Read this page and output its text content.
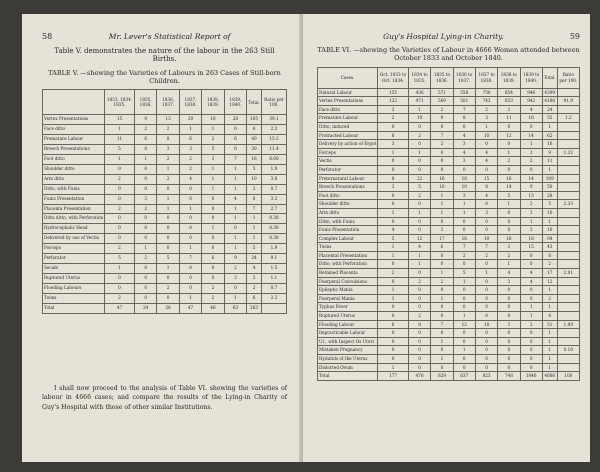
58	Mr. Lever's Statistical Report of
Table V. demonstrates the nature of the labour in the 263 Still Births.
TABLE V. —shewing the Varieties of Labours in 263 Cases of Still-born Children.
	1833, 1834, 1835.	1835, 1836.	1836, 1837.	1837, 1838.	1838, 1839.	1839, 1840.	Total.	Ratio per 100.
Vertex Presentations	15	9	13	20	18	28	105	39.1
Face ditto	1	2	2	1	1	0	6	2.2
Premature Labour	11	6	8	6	2	6	40	15.2
Breech Presentations	5	8	3	3	5	6	30	11.4
Foot ditto	1	1	2	2	3	7	16	6.08
Shoulder ditto	0	0	1	2	1	1	5	1.9
Arm ditto	2	0	2	4	1	1	10	3.8
Ditto, with Funis	0	0	0	0	1	1	2	0.7
Funis Presentation	0	3	1	0	0	4	8	3.2
Placenta Presentation	2	2	1	1	0	1	7	2.7
Ditto ditto, with Perforation	0	0	0	0	0	1	1	0.38
Hydrocephalic Head	0	0	0	0	1	0	1	0.38
Delivered by use of Vectis	0	0	0	0	0	1	1	0.38
Forceps	2	1	0	1	0	1	5	1.9
Perforator	5	2	5	7	6	9	24	9.1
Secale	1	0	1	0	0	2	4	1.5
Ruptured Uterus	0	0	0	0	0	3	3	1.1
Flooding Labours	0	0	2	0	2	0	2	0.7
Twins	2	0	0	1	2	1	6	2.2
Total	47	34	26	47	46	63	263	
I shall now proceed to the analysis of Table VI. shewing the varieties of labour in 4666 cases; and compare the results of the Lying-in Charity of Guy's Hospital with those of other similar Institutions.
Guy's Hospital Lying-in Charity.	59
TABLE VI. —shewing the Varieties of Labour in 4666 Women attended between October 1833 and October 1840.
Cases.	Oct. 1833 to Oct. 1834.	1834 to 1835.	1835 to 1836.	1836 to 1837.	1837 to 1838.	1838 to 1839.	1839 to 1840.	Total.	Ratio per 100.
Natural Labour	155	436	571	558	758	854	946	4299	
Vertex Presentations	122	471	569	501	743	833	942	4186	91.9
Face ditto	3	1	2	7	2	3	4	24	
Premature Labour	2	10	9	8	3	11	18	55	1.2
Ditto, induced	0	0	0	0	1	0	0	1	
Protracted Labour	8	2	7	4	10	12	14	62	
Delivery by action of Ergot	3	0	2	3	0	0	1	16	
Forceps	1	1	0	4	4	1	2	9	1.32
Vectis	0	0	0	3	4	2	2	11	
Perforator	0	0	0	0	0	0	0	1	
Preternatural Labour	8	22	16	18	15	16	14	109	
Breech Presentations	3	5	10	10	8	14	9	50	
Foot ditto	0	2	1	3	4	5	13	28	
Shoulder ditto	0	0	1	1	0	1	2	5	2.33
Arm ditto	1	1	1	1	3	0	3	10	
Ditto, with Funis	0	0	0	0	0	0	1	1	
Funis Presentation	4	0	3	0	0	0	3	10	
Complex Labour	5	12	17	16	10	16	18	94	
Twins	1	4	6	7	7	3	15	43	
Placental Presentation	1	1	0	2	2	2	0	8	
Ditto, with Perforation	0	1	0	0	0	1	0	2	
Retained Placenta	2	0	1	5	1	4	4	17	2.01
Puerperal Convulsions	0	2	2	1	0	3	4	12	
Epileptic Mania	1	0	0	0	0	0	0	1	
Puerperal Mania	1	0	1	0	0	0	0	2	
Typhus Fever	0	0	0	0	0	0	1	1	
Ruptured Uterus	0	2	0	1	0	0	1	4	
Flooding Labour	6	8	7	12	18	3	2	51	1.09
Impracticable Labour	0	0	0	0	0	0	0	1	
Ut., with Inspect Os Uteri	0	0	1	0	0	0	0	1	
Mistaken Pregnancy	0	0	0	1	0	0	0	1	0.10
Hydatids of the Uterus	0	0	1	0	0	0	0	1	
Distorted Ovum	1	0	0	0	0	0	0	1	
Total	177	476	629	637	823	748	1046	4666	100
